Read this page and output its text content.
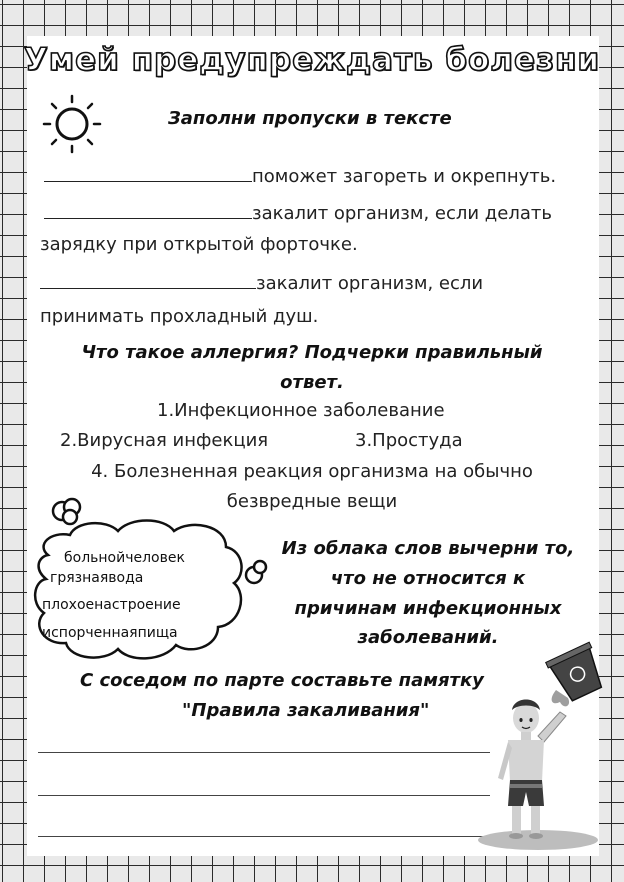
Умей предупреждать болезни
Заполни пропуски в тексте
поможет загореть и окрепнуть.
закалит организм, если делать
зарядку при открытой форточке.
закалит организм, если
принимать прохладный душ.
Что такое аллергия? Подчерки правильный
ответ.
1.Инфекционное заболевание
2.Вирусная инфекция	3.Простуда
4. Болезненная реакция организма на обычно
безвредные вещи
больнойчеловек
грязнаявода
плохоенастроение
испорченнаяпища
Из облака слов вычерни то,
что не относится к
причинам инфекционных
заболеваний.
С соседом по парте составьте памятку
"Правила закаливания"
